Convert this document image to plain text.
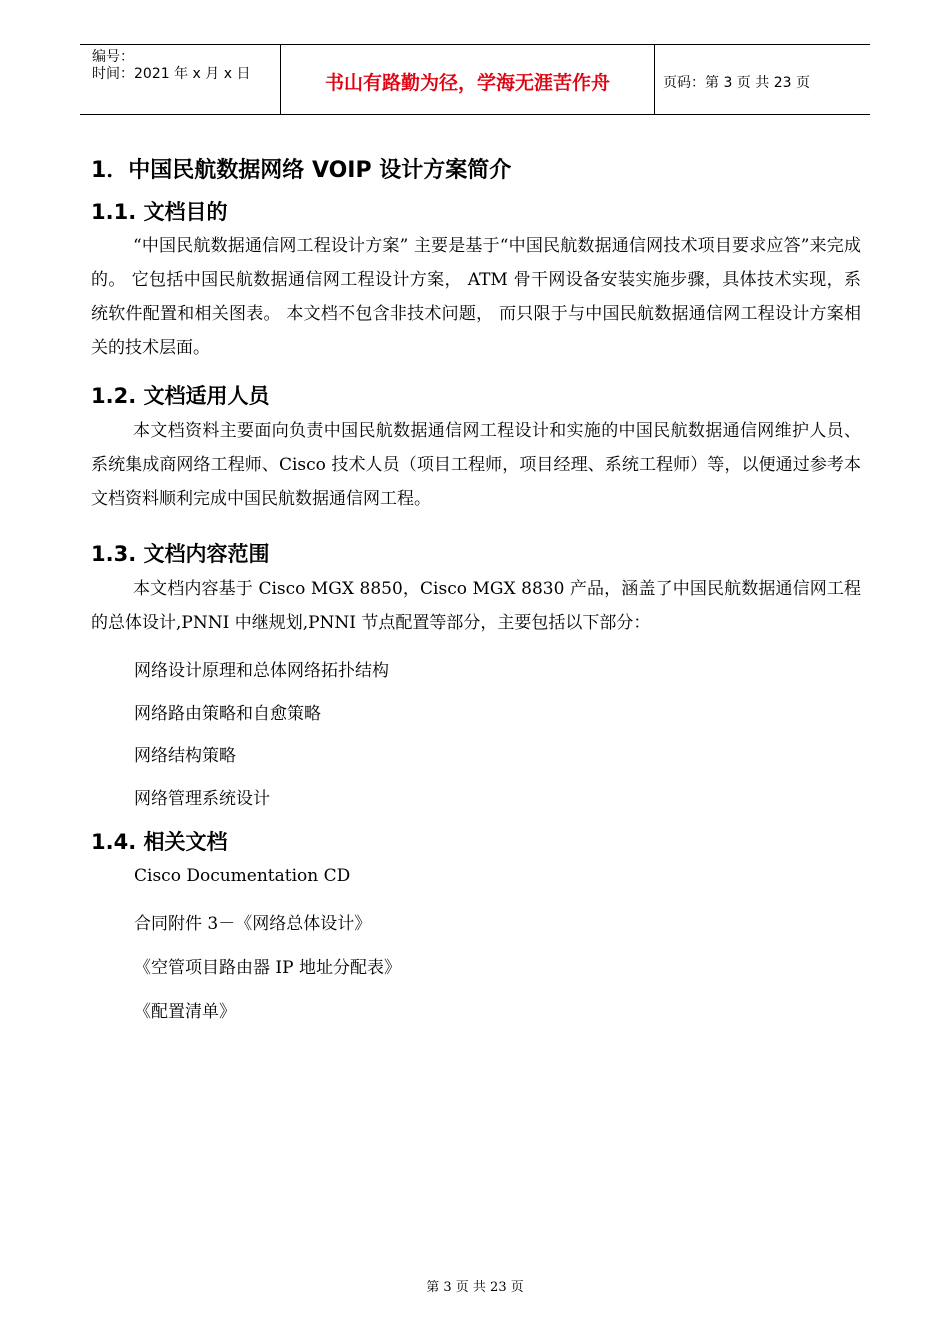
编号：
时间：2021 年 x 月 x 日	书山有路勤为径，学海无涯苦作舟	页码：第 3 页 共 23 页
1．中国民航数据网络 VOIP 设计方案简介
1.1. 文档目的

“中国民航数据通信网工程设计方案” 主要是基于“中国民航数据通信网技术项目要求应答”来完成的。 它包括中国民航数据通信网工程设计方案， ATM 骨干网设备安装实施步骤，具体技术实现，系统软件配置和相关图表。 本文档不包含非技术问题， 而只限于与中国民航数据通信网工程设计方案相关的技术层面。

1.2. 文档适用人员

本文档资料主要面向负责中国民航数据通信网工程设计和实施的中国民航数据通信网维护人员、系统集成商网络工程师、Cisco 技术人员（项目工程师，项目经理、系统工程师）等，以便通过参考本文档资料顺利完成中国民航数据通信网工程。

1.3. 文档内容范围

本文档内容基于 Cisco MGX 8850，Cisco MGX 8830 产品，涵盖了中国民航数据通信网工程的总体设计,PNNI 中继规划,PNNI 节点配置等部分，主要包括以下部分：

网络设计原理和总体网络拓扑结构
网络路由策略和自愈策略
网络结构策略
网络管理系统设计
1.4. 相关文档
Cisco Documentation CD
合同附件 3－《网络总体设计》
《空管项目路由器 IP 地址分配表》
《配置清单》
第 3 页 共 23 页
